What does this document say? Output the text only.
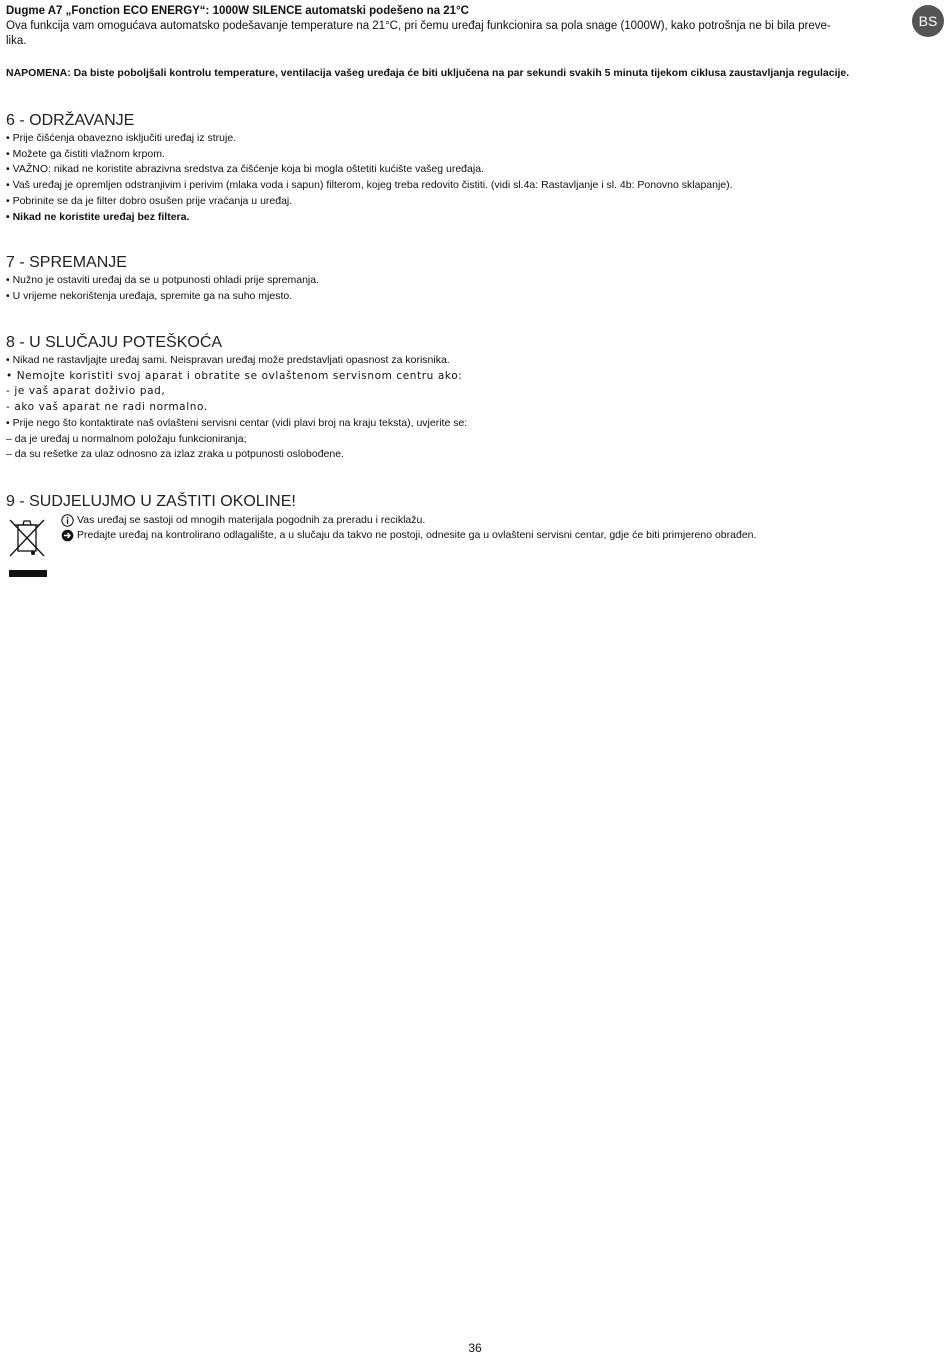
BS

Dugme A7 „Fonction ECO ENERGY“: 1000W SILENCE automatski podešeno na 21°C

Ova funkcija vam omogućava automatsko podešavanje temperature na 21°C, pri čemu uređaj funkcionira sa pola snage (1000W), kako potrošnja ne bi bila preve-

lika.

NAPOMENA: Da biste poboljšali kontrolu temperature, ventilacija vašeg uređaja će biti uključena na par sekundi svakih 5 minuta tijekom ciklusa zaustavljanja regulacije.

6 - ODRŽAVANJE

• Prije čišćenja obavezno isključiti uređaj iz struje.

• Možete ga čistiti vlažnom krpom.

• VAŽNO: nikad ne koristite abrazivna sredstva za čišćenje koja bi mogla oštetiti kućište vašeg uređaja.

• Vaš uređaj je opremljen odstranjivim i perivim (mlaka voda i sapun) filterom, kojeg treba redovito čistiti. (vidi sl.4a: Rastavljanje i sl. 4b: Ponovno sklapanje).

• Pobrinite se da je filter dobro osušen prije vraćanja u uređaj.

• Nikad ne koristite uređaj bez filtera.

7 - SPREMANJE

• Nužno je ostaviti uređaj da se u potpunosti ohladi prije spremanja.

• U vrijeme nekorištenja uređaja, spremite ga na suho mjesto.

8 - U SLUČAJU POTEŠKOĆA

• Nikad ne rastavljajte uređaj sami. Neispravan uređaj može predstavljati opasnost za korisnika.

• Nemojte koristiti svoj aparat i obratite se ovlaštenom servisnom centru ako:

- je vaš aparat doživio pad,

- ako vaš aparat ne radi normalno.

• Prije nego što kontaktirate naš ovlašteni servisni centar (vidi plavi broj na kraju teksta), uvjerite se:

– da je uređaj u normalnom položaju funkcioniranja;

– da su rešetke za ulaz odnosno za izlaz zraka u potpunosti oslobođene.

9 - SUDJELUJMO U ZAŠTITI OKOLINE!

Vas uređaj se sastoji od mnogih materijala pogodnih za preradu i reciklažu.

Predajte uređaj na kontrolirano odlagalište, a u slučaju da takvo ne postoji, odnesite ga u ovlašteni servisni centar, gdje će biti primjereno obrađen.

36
